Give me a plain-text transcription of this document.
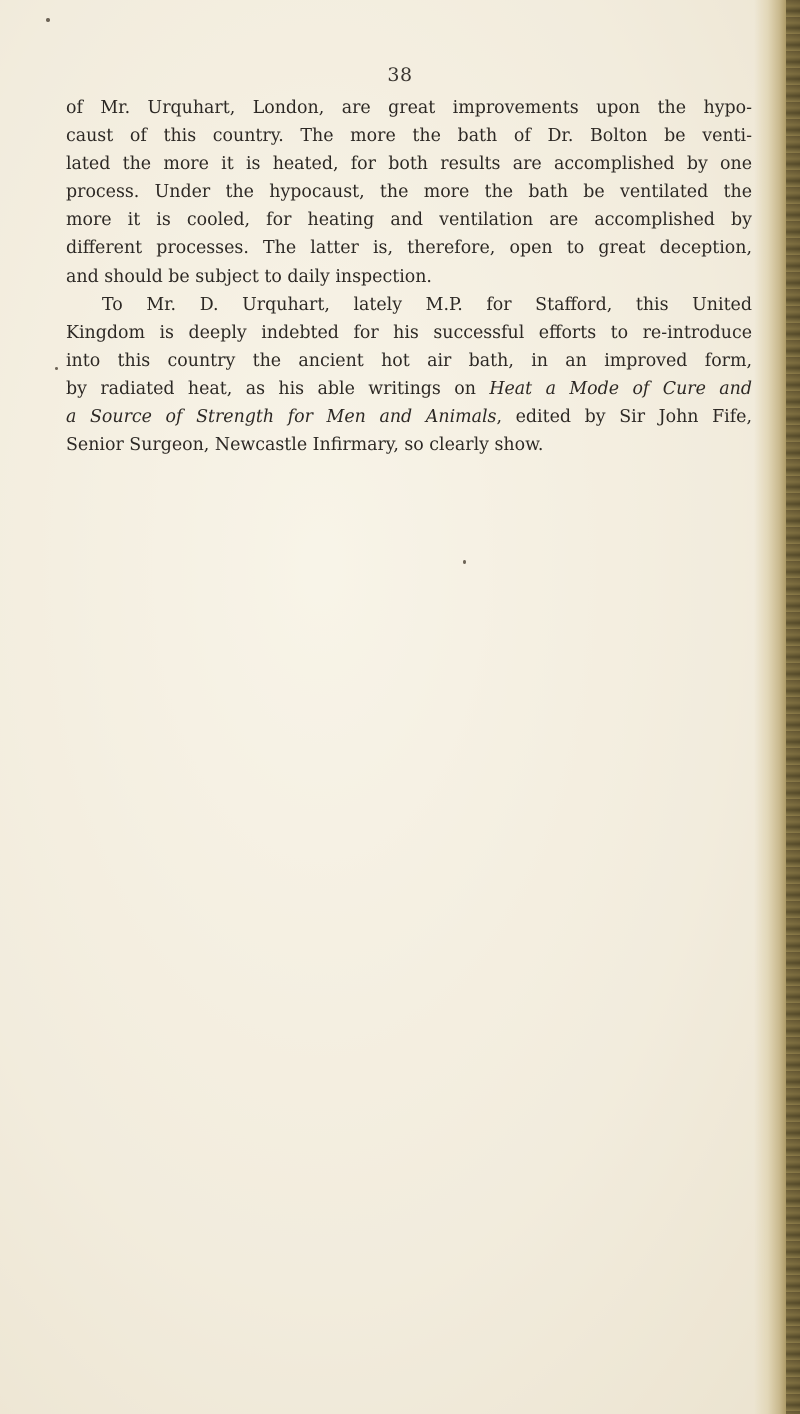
38
of Mr. Urquhart, London, are great improvements upon the hypo-
caust of this country. The more the bath of Dr. Bolton be venti-
lated the more it is heated, for both results are accomplished by one
process. Under the hypocaust, the more the bath be ventilated the
more it is cooled, for heating and ventilation are accomplished by
different processes. The latter is, therefore, open to great deception,
and should be subject to daily inspection.
To Mr. D. Urquhart, lately M.P. for Stafford, this United
Kingdom is deeply indebted for his successful efforts to re-introduce
into this country the ancient hot air bath, in an improved form,
by radiated heat, as his able writings on Heat a Mode of Cure and
a Source of Strength for Men and Animals, edited by Sir John Fife,
Senior Surgeon, Newcastle Infirmary, so clearly show.
